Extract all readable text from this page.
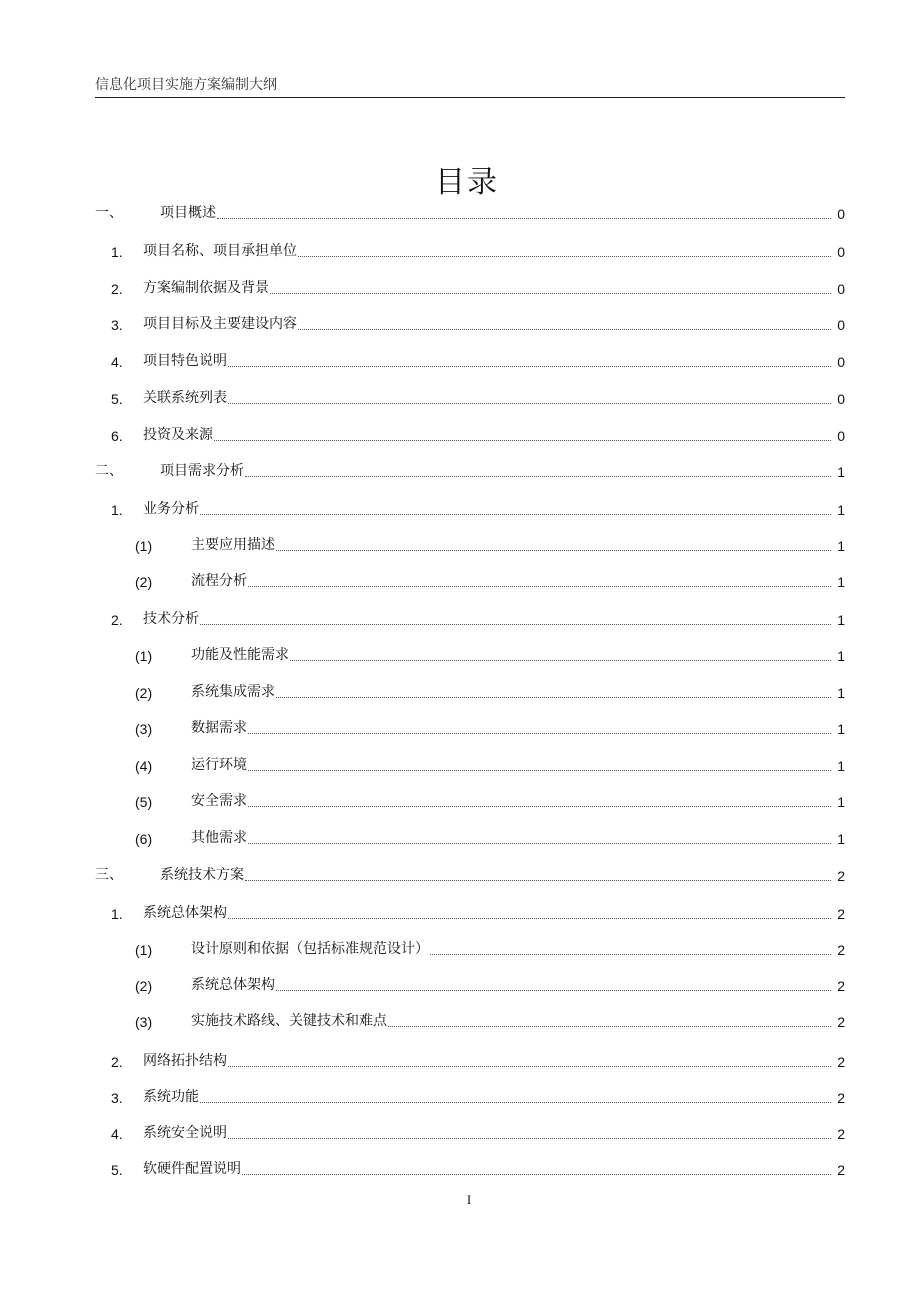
信息化项目实施方案编制大纲
目录
一、	项目概述	0
1. 项目名称、项目承担单位	0
2. 方案编制依据及背景	0
3. 项目目标及主要建设内容	0
4. 项目特色说明	0
5. 关联系统列表	0
6. 投资及来源	0
二、	项目需求分析	1
1. 业务分析	1
(1)	主要应用描述	1
(2)	流程分析	1
2. 技术分析	1
(1)	功能及性能需求	1
(2)	系统集成需求	1
(3)	数据需求	1
(4)	运行环境	1
(5)	安全需求	1
(6)	其他需求	1
三、	系统技术方案	2
1. 系统总体架构	2
(1)	设计原则和依据（包括标准规范设计）	2
(2)	系统总体架构	2
(3)	实施技术路线、关键技术和难点	2
2. 网络拓扑结构	2
3. 系统功能	2
4. 系统安全说明	2
5. 软硬件配置说明	2
I
